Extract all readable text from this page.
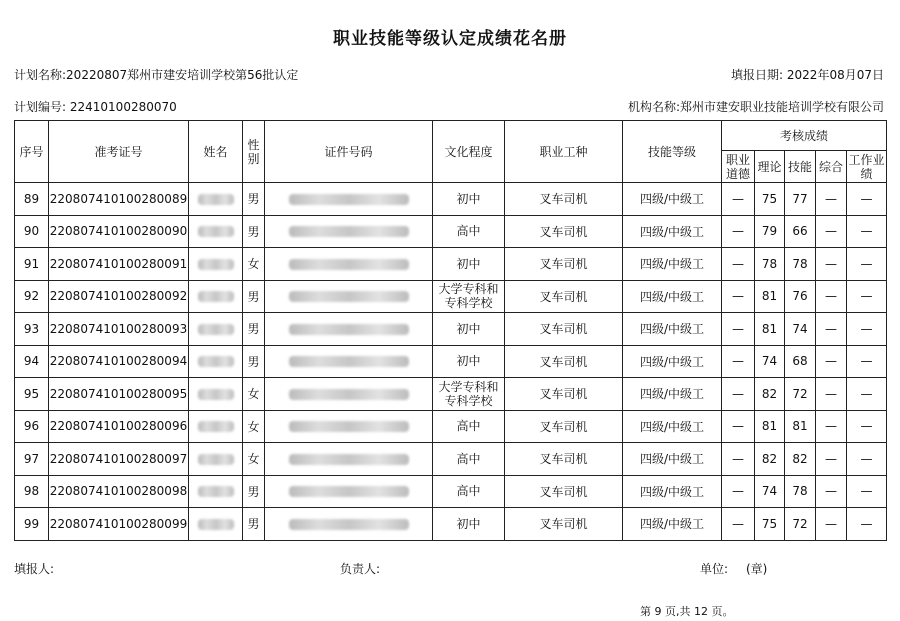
职业技能等级认定成绩花名册
计划名称:20220807郑州市建安培训学校第56批认定	填报日期: 2022年08月07日
计划编号: 22410100280070	机构名称:郑州市建安职业技能培训学校有限公司
序号	准考证号	姓名	性别	证件号码	文化程度	职业工种	技能等级	考核成绩				
								职业道德	理论	技能	综合	工作业绩
89	220807410100280089		男		初中	叉车司机	四级/中级工	—	75	77	—	—
90	220807410100280090		男		高中	叉车司机	四级/中级工	—	79	66	—	—
91	220807410100280091		女		初中	叉车司机	四级/中级工	—	78	78	—	—
92	220807410100280092		男		大学专科和专科学校	叉车司机	四级/中级工	—	81	76	—	—
93	220807410100280093		男		初中	叉车司机	四级/中级工	—	81	74	—	—
94	220807410100280094		男		初中	叉车司机	四级/中级工	—	74	68	—	—
95	220807410100280095		女		大学专科和专科学校	叉车司机	四级/中级工	—	82	72	—	—
96	220807410100280096		女		高中	叉车司机	四级/中级工	—	81	81	—	—
97	220807410100280097		女		高中	叉车司机	四级/中级工	—	82	82	—	—
98	220807410100280098		男		高中	叉车司机	四级/中级工	—	74	78	—	—
99	220807410100280099		男		初中	叉车司机	四级/中级工	—	75	72	—	—
填报人:	负责人:	单位: (章)
第 9 页,共 12 页。
